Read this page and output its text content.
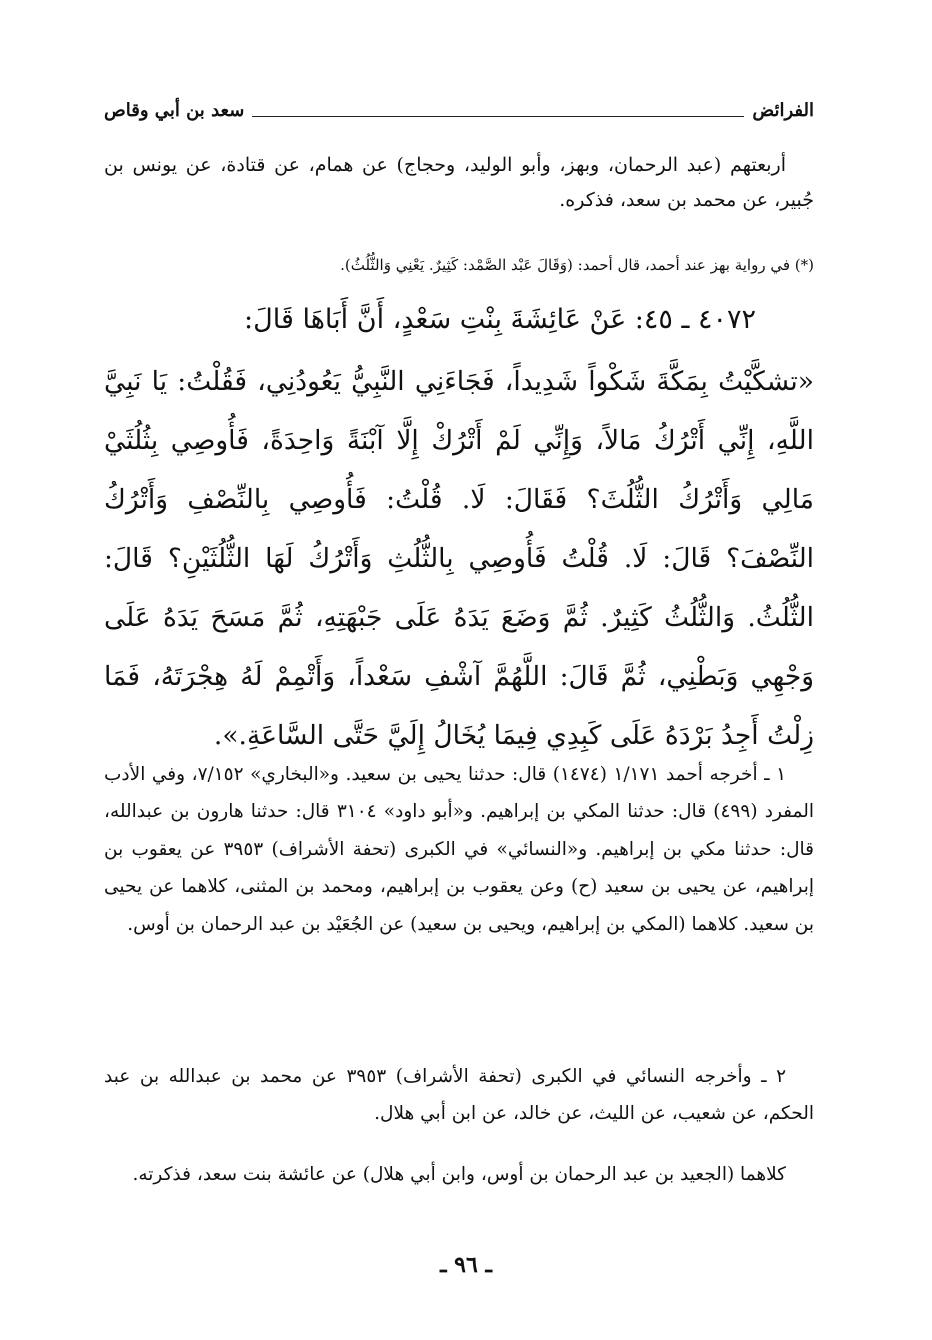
الفرائض
سعد بن أبي وقاص

أربعتهم (عبد الرحمان، وبهز، وأبو الوليد، وحجاج) عن همام، عن قتادة، عن يونس بن جُبير، عن محمد بن سعد، فذكره.

(*) في رواية بهز عند أحمد، قال أحمد: (وَقَالَ عَبْد الصَّمْد: كَثِيرٌ. يَعْنِي وَالثُّلُثُ).

٤٠٧٢ ـ ٤٥: عَنْ عَائِشَةَ بِنْتِ سَعْدٍ، أَنَّ أَبَاهَا قَالَ:

«تشكَّيْتُ بِمَكَّةَ شَكْواً شَدِيداً، فَجَاءَنِي النَّبِيُّ يَعُودُنِي، فَقُلْتُ: يَا نَبِيَّ اللَّهِ، إِنِّي أَتْرُكُ مَالاً، وَإِنِّي لَمْ أَتْرُكْ إِلَّا آبْنَةً وَاحِدَةً، فَأُوصِي بِثُلُثَيْ مَالِي وَأَتْرُكُ الثُّلُثَ؟ فَقَالَ: لَا. قُلْتُ: فَأُوصِي بِالنِّصْفِ وَأَتْرُكُ النِّصْفَ؟ قَالَ: لَا. قُلْتُ فَأُوصِي بِالثُّلُثِ وَأَتْرُكُ لَهَا الثُّلُثَيْنِ؟ قَالَ: الثُّلُثُ. وَالثُّلُثُ كَثِيرٌ. ثُمَّ وَضَعَ يَدَهُ عَلَى جَبْهَتِهِ، ثُمَّ مَسَحَ يَدَهُ عَلَى وَجْهِي وَبَطْنِي، ثُمَّ قَالَ: اللَّهُمَّ آشْفِ سَعْداً، وَأَتْمِمْ لَهُ هِجْرَتَهُ، فَمَا زِلْتُ أَجِدُ بَرْدَهُ عَلَى كَبِدِي فِيمَا يُخَالُ إِلَيَّ حَتَّى السَّاعَةِ.».

١ ـ أخرجه أحمد ١/١٧١ (١٤٧٤) قال: حدثنا يحيى بن سعيد. و«البخاري» ٧/١٥٢، وفي الأدب المفرد (٤٩٩) قال: حدثنا المكي بن إبراهيم. و«أبو داود» ٣١٠٤ قال: حدثنا هارون بن عبدالله، قال: حدثنا مكي بن إبراهيم. و«النسائي» في الكبرى (تحفة الأشراف) ٣٩٥٣ عن يعقوب بن إبراهيم، عن يحيى بن سعيد (ح) وعن يعقوب بن إبراهيم، ومحمد بن المثنى، كلاهما عن يحيى بن سعيد. كلاهما (المكي بن إبراهيم، ويحيى بن سعيد) عن الجُعَيْد بن عبد الرحمان بن أوس.

٢ ـ وأخرجه النسائي في الكبرى (تحفة الأشراف) ٣٩٥٣ عن محمد بن عبدالله بن عبد الحكم، عن شعيب، عن الليث، عن خالد، عن ابن أبي هلال.

كلاهما (الجعيد بن عبد الرحمان بن أوس، وابن أبي هلال) عن عائشة بنت سعد، فذكرته.

ـ ٩٦ ـ
